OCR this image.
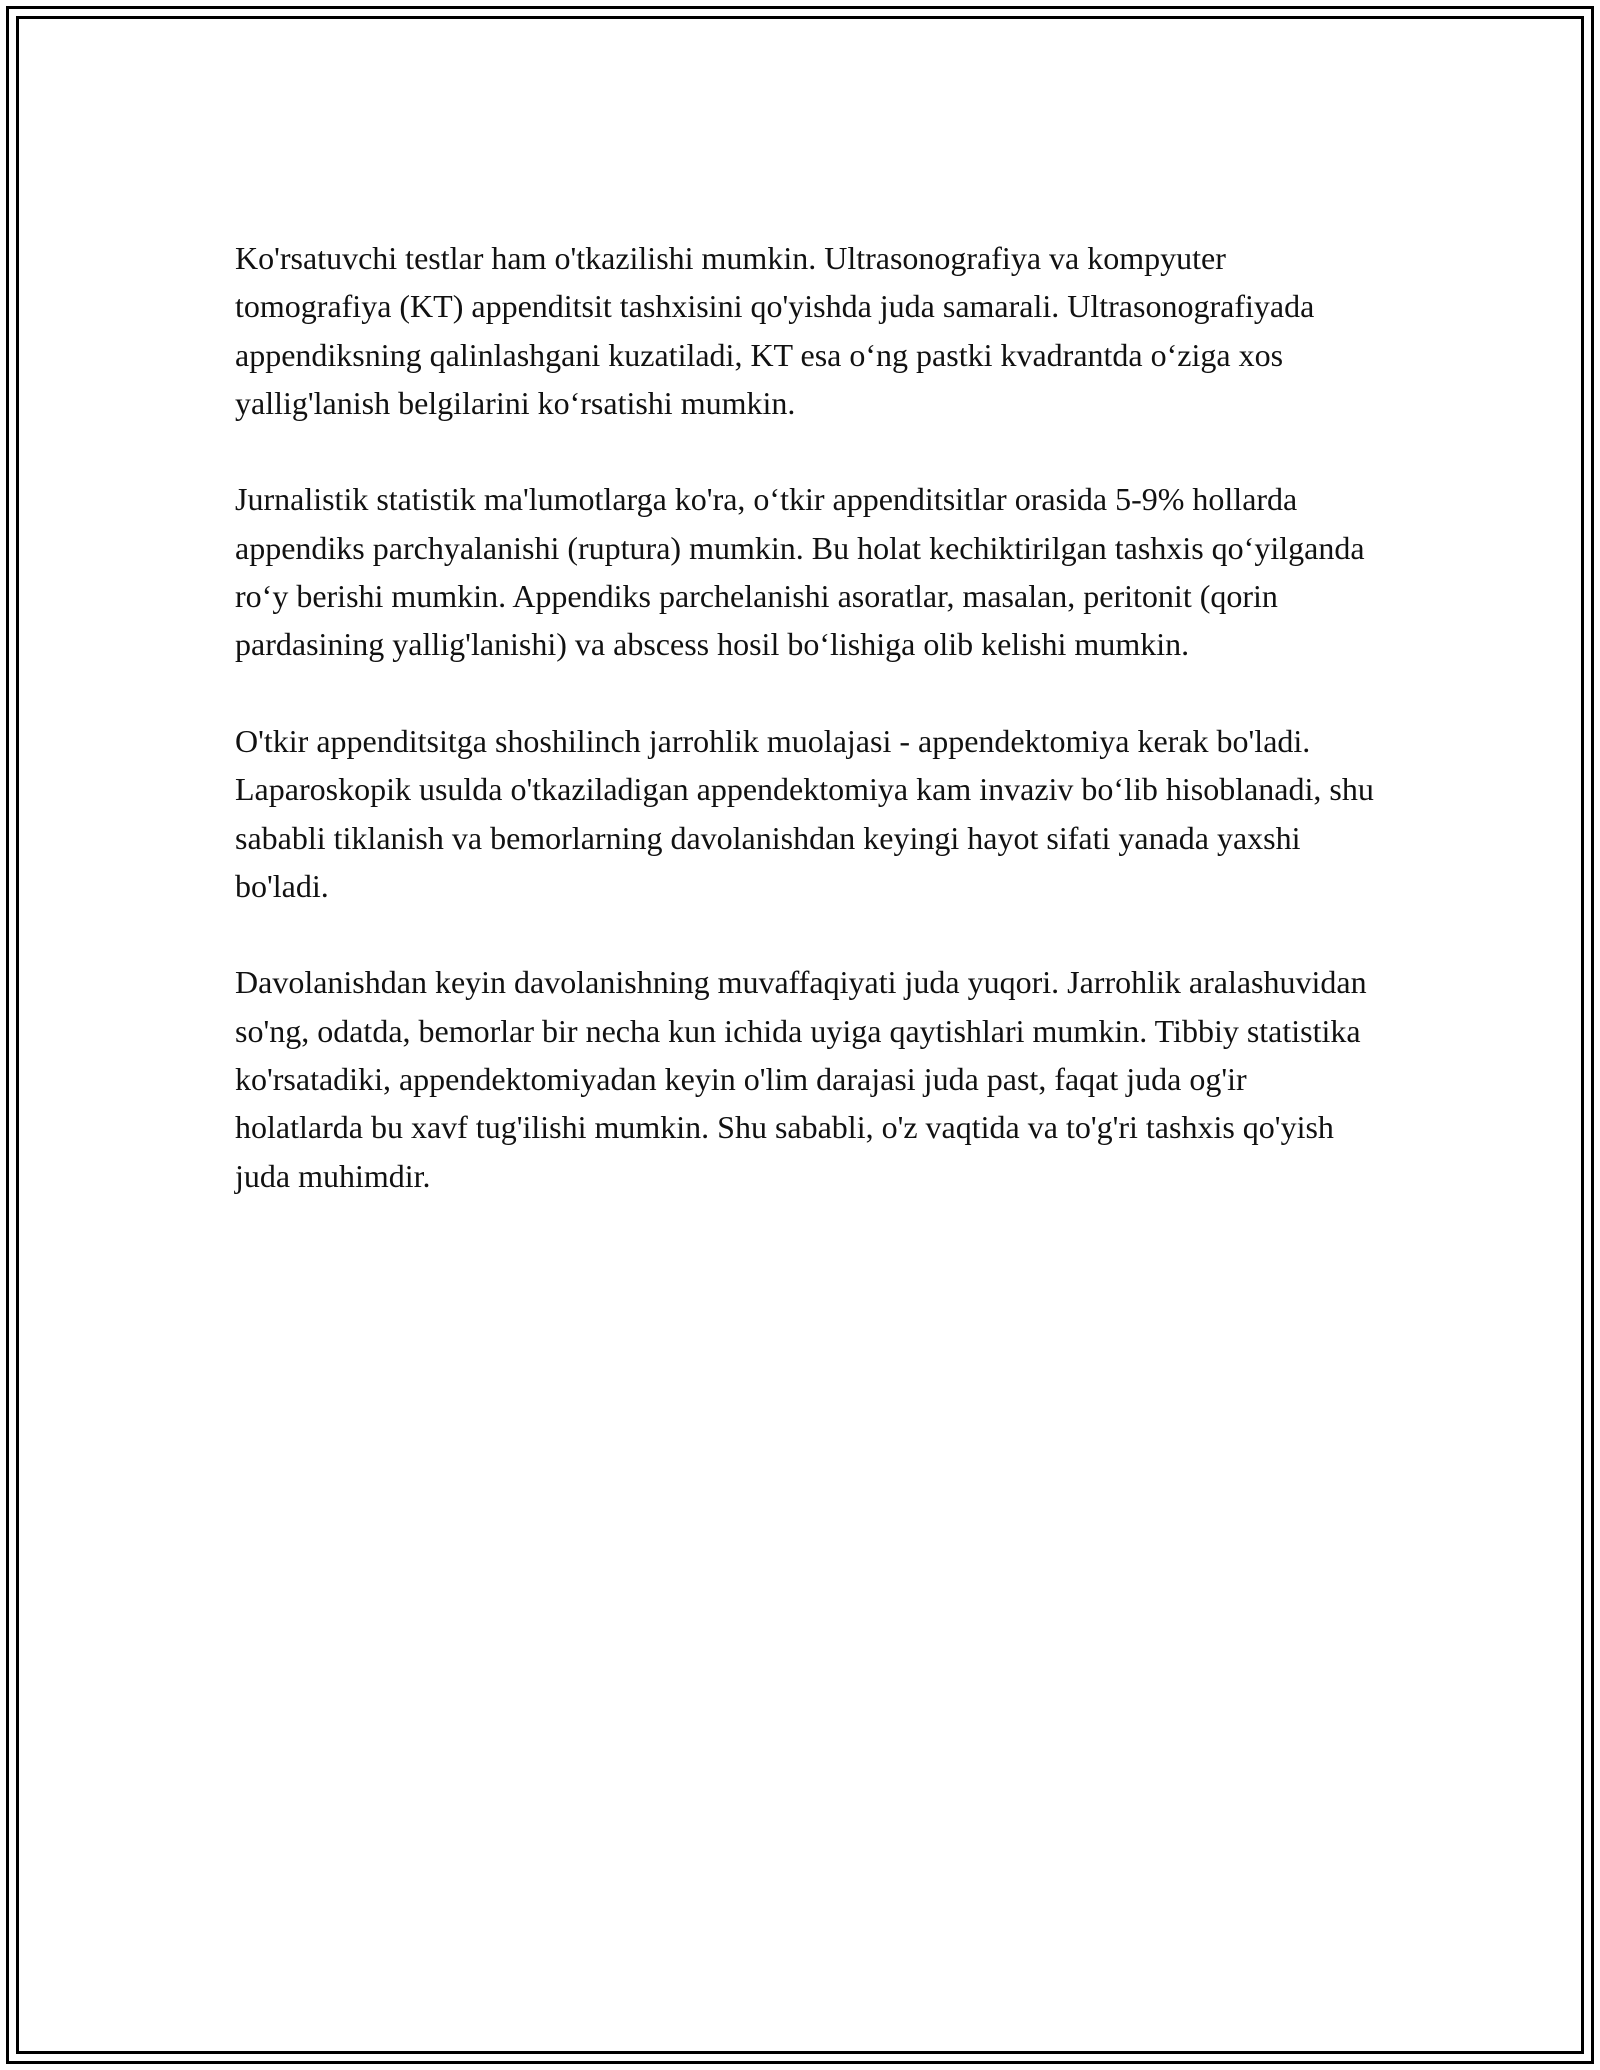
Ko'rsatuvchi testlar ham o'tkazilishi mumkin. Ultrasonografiya va kompyuter tomografiya (KT) appenditsit tashxisini qo'yishda juda samarali. Ultrasonografiyada appendiksning qalinlashgani kuzatiladi, KT esa oʻng pastki kvadrantda oʻziga xos yallig'lanish belgilarini koʻrsatishi mumkin.

Jurnalistik statistik ma'lumotlarga ko'ra, oʻtkir appenditsitlar orasida 5-9% hollarda appendiks parchyalanishi (ruptura) mumkin. Bu holat kechiktirilgan tashxis qoʻyilganda roʻy berishi mumkin. Appendiks parchelanishi asoratlar, masalan, peritonit (qorin pardasining yallig'lanishi) va abscess hosil boʻlishiga olib kelishi mumkin.

O'tkir appenditsitga shoshilinch jarrohlik muolajasi - appendektomiya kerak bo'ladi. Laparoskopik usulda o'tkaziladigan appendektomiya kam invaziv boʻlib hisoblanadi, shu sababli tiklanish va bemorlarning davolanishdan keyingi hayot sifati yanada yaxshi bo'ladi.

Davolanishdan keyin davolanishning muvaffaqiyati juda yuqori. Jarrohlik aralashuvidan so'ng, odatda, bemorlar bir necha kun ichida uyiga qaytishlari mumkin. Tibbiy statistika ko'rsatadiki, appendektomiyadan keyin o'lim darajasi juda past, faqat juda og'ir holatlarda bu xavf tug'ilishi mumkin. Shu sababli, o'z vaqtida va to'g'ri tashxis qo'yish juda muhimdir.
